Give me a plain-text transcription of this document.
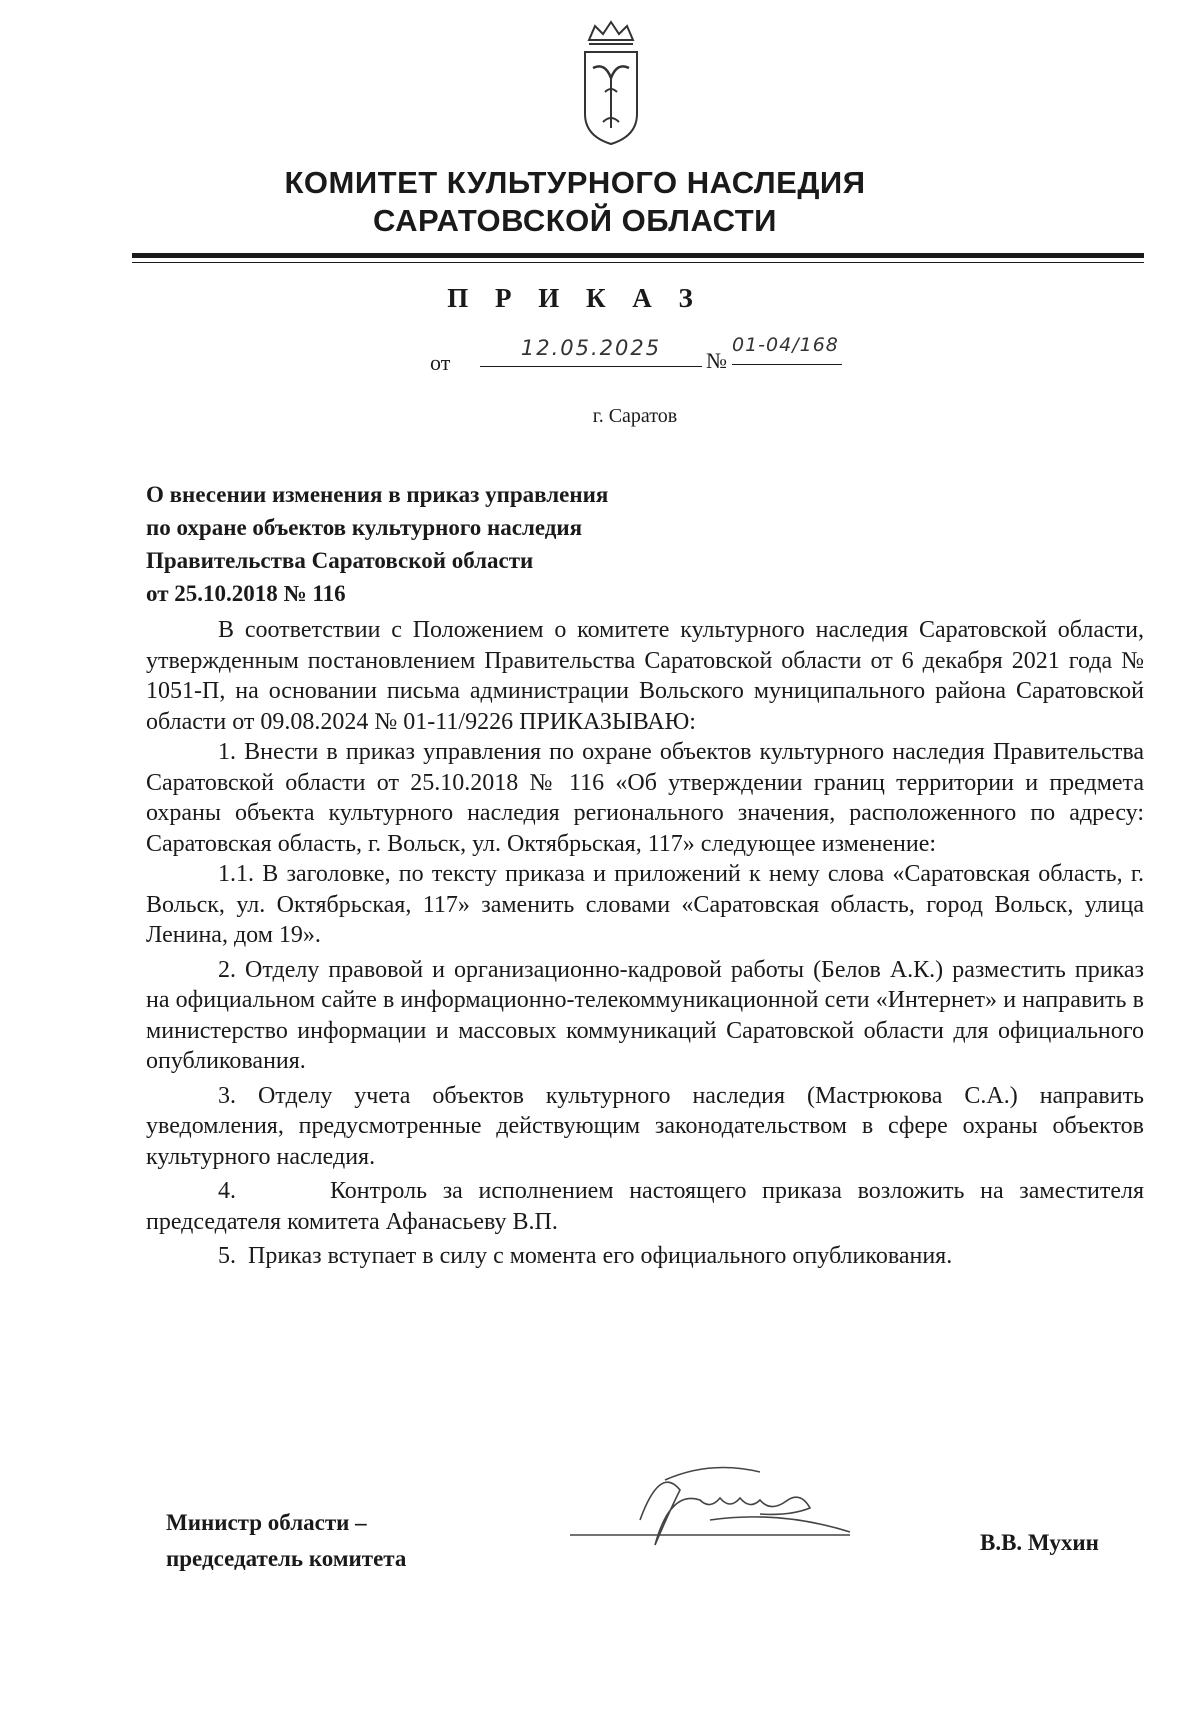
КОМИТЕТ КУЛЬТУРНОГО НАСЛЕДИЯ
САРАТОВСКОЙ ОБЛАСТИ
П Р И К А З
от
12.05.2025	№
01-04/168
г. Саратов
О внесении изменения в приказ управления
по охране объектов культурного наследия
Правительства Саратовской области
от 25.10.2018 № 116

В соответствии с Положением о комитете культурного наследия Саратовской области, утвержденным постановлением Правительства Саратовской области от 6 декабря 2021 года № 1051-П, на основании письма администрации Вольского муниципального района Саратовской области от 09.08.2024 № 01-11/9226 ПРИКАЗЫВАЮ:

1. Внести в приказ управления по охране объектов культурного наследия Правительства Саратовской области от 25.10.2018 № 116 «Об утверждении границ территории и предмета охраны объекта культурного наследия регионального значения, расположенного по адресу: Саратовская область, г. Вольск, ул. Октябрьская, 117» следующее изменение:

1.1. В заголовке, по тексту приказа и приложений к нему слова «Саратовская область, г. Вольск, ул. Октябрьская, 117» заменить словами «Саратовская область, город Вольск, улица Ленина, дом 19».

2. Отделу правовой и организационно-кадровой работы (Белов А.К.) разместить приказ на официальном сайте в информационно-телекоммуникационной сети «Интернет» и направить в министерство информации и массовых коммуникаций Саратовской области для официального опубликования.

3. Отделу учета объектов культурного наследия (Мастрюкова С.А.) направить уведомления, предусмотренные действующим законодательством в сфере охраны объектов культурного наследия.

4.      Контроль за исполнением настоящего приказа возложить на заместителя председателя комитета Афанасьеву В.П.

5.  Приказ вступает в силу с момента его официального опубликования.

Министр области –
председатель комитета
В.В. Мухин
